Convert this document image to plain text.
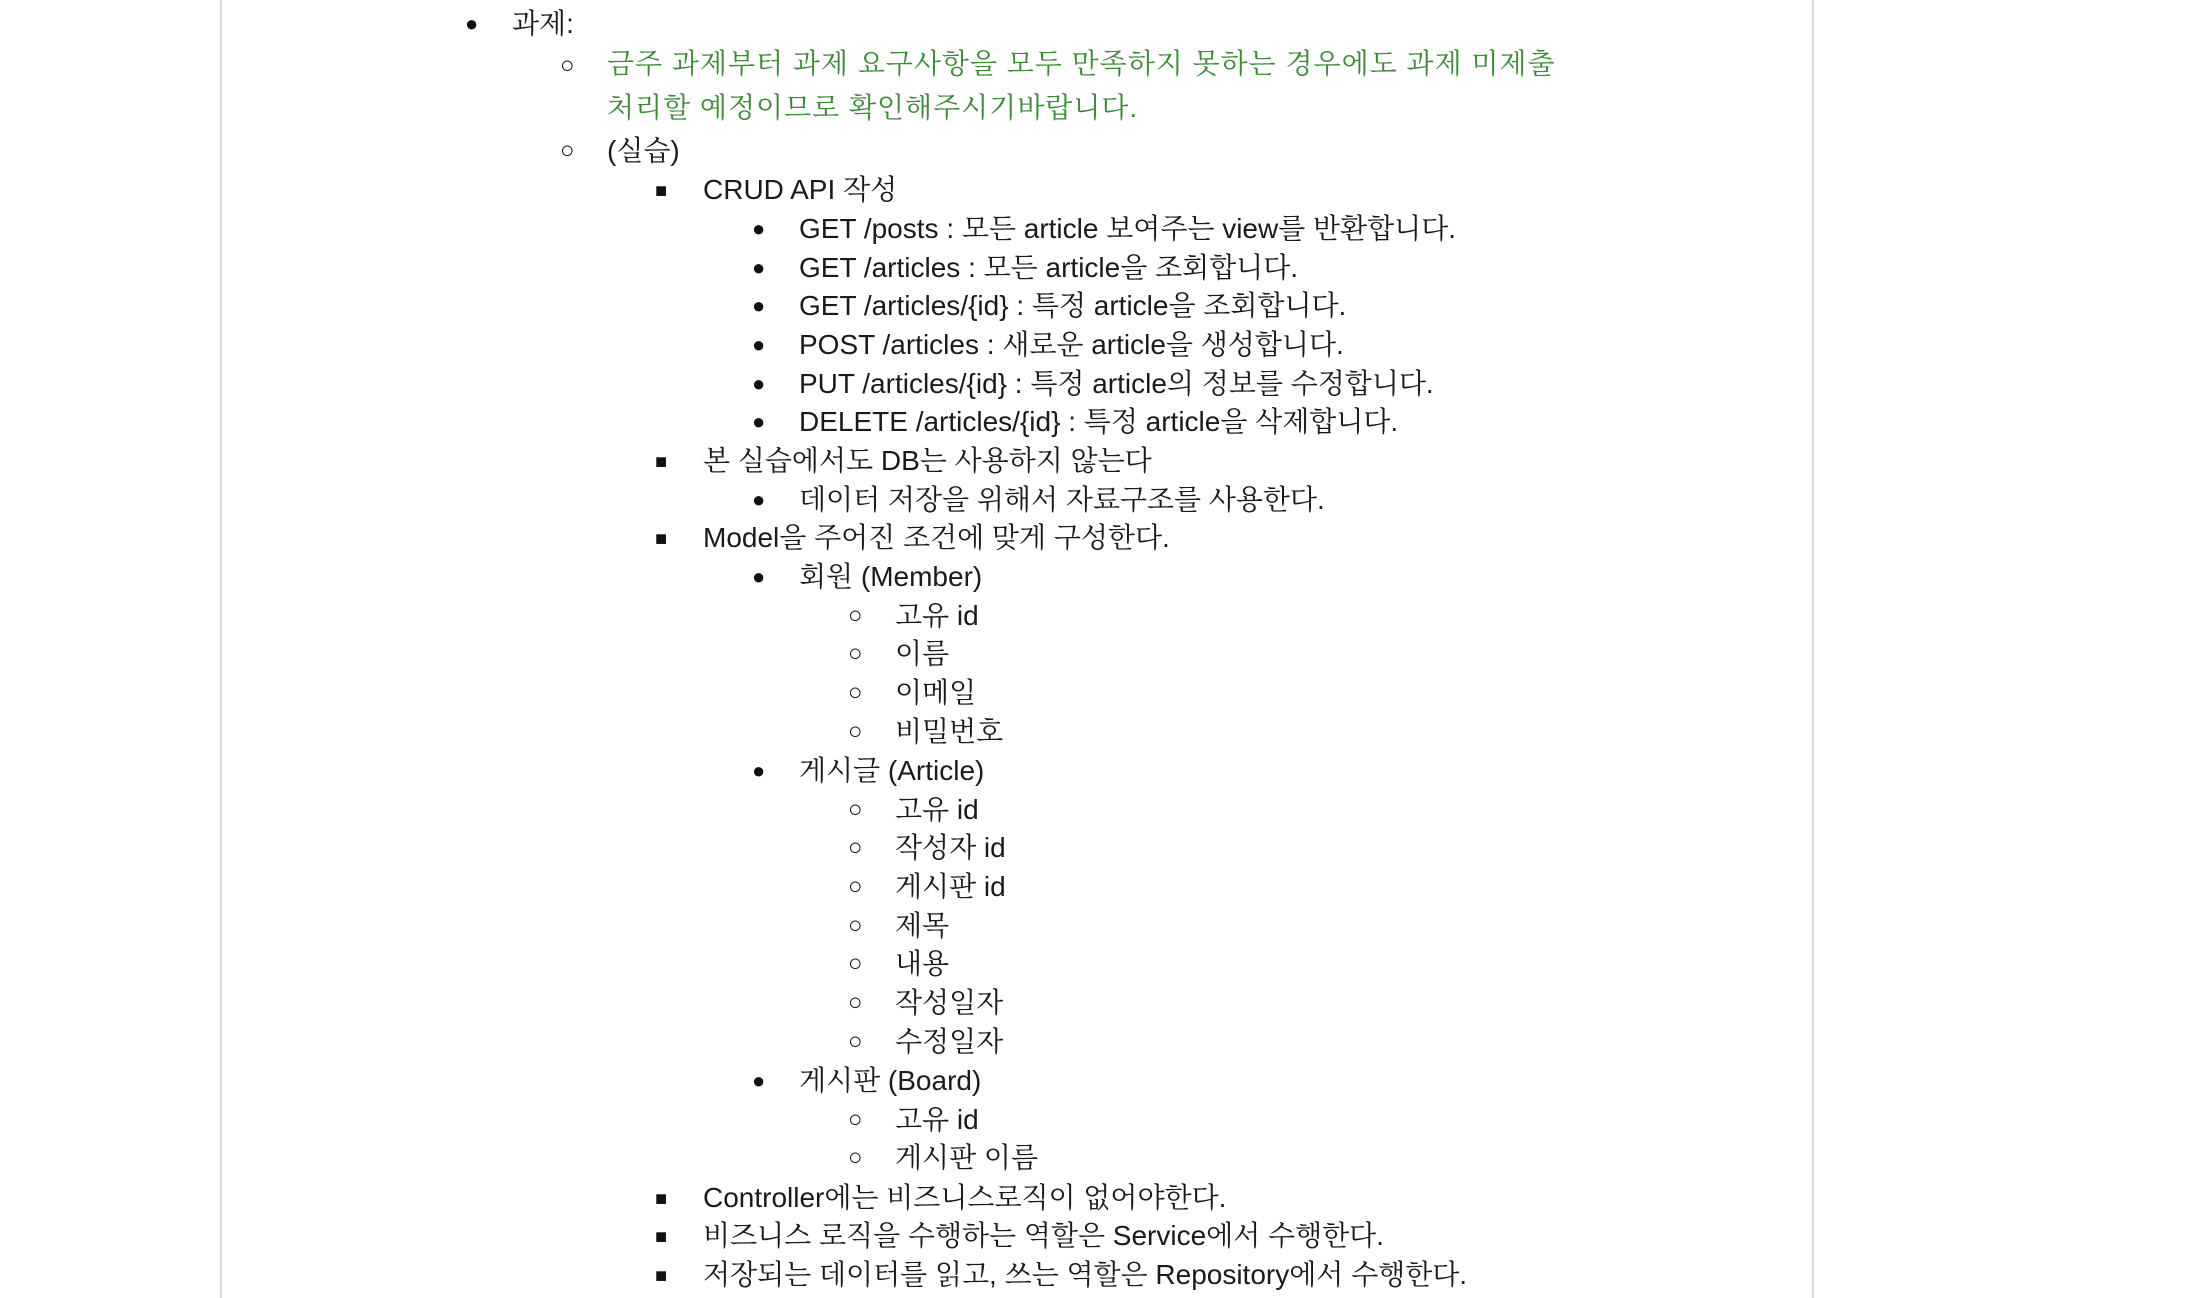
●
과제:
○
금주 과제부터 과제 요구사항을 모두 만족하지 못하는 경우에도 과제 미제출
처리할 예정이므로 확인해주시기바랍니다.
○
(실습)
■
CRUD API 작성
●
GET /posts : 모든 article 보여주는 view를 반환합니다.
●
GET /articles : 모든 article을 조회합니다.
●
GET /articles/{id} : 특정 article을 조회합니다.
●
POST /articles : 새로운 article을 생성합니다.
●
PUT /articles/{id} : 특정 article의 정보를 수정합니다.
●
DELETE /articles/{id} : 특정 article을 삭제합니다.
■
본 실습에서도 DB는 사용하지 않는다
●
데이터 저장을 위해서 자료구조를 사용한다.
■
Model을 주어진 조건에 맞게 구성한다.
●
회원 (Member)
○
고유 id
○
이름
○
이메일
○
비밀번호
●
게시글 (Article)
○
고유 id
○
작성자 id
○
게시판 id
○
제목
○
내용
○
작성일자
○
수정일자
●
게시판 (Board)
○
고유 id
○
게시판 이름
■
Controller에는 비즈니스로직이 없어야한다.
■
비즈니스 로직을 수행하는 역할은 Service에서 수행한다.
■
저장되는 데이터를 읽고, 쓰는 역할은 Repository에서 수행한다.
